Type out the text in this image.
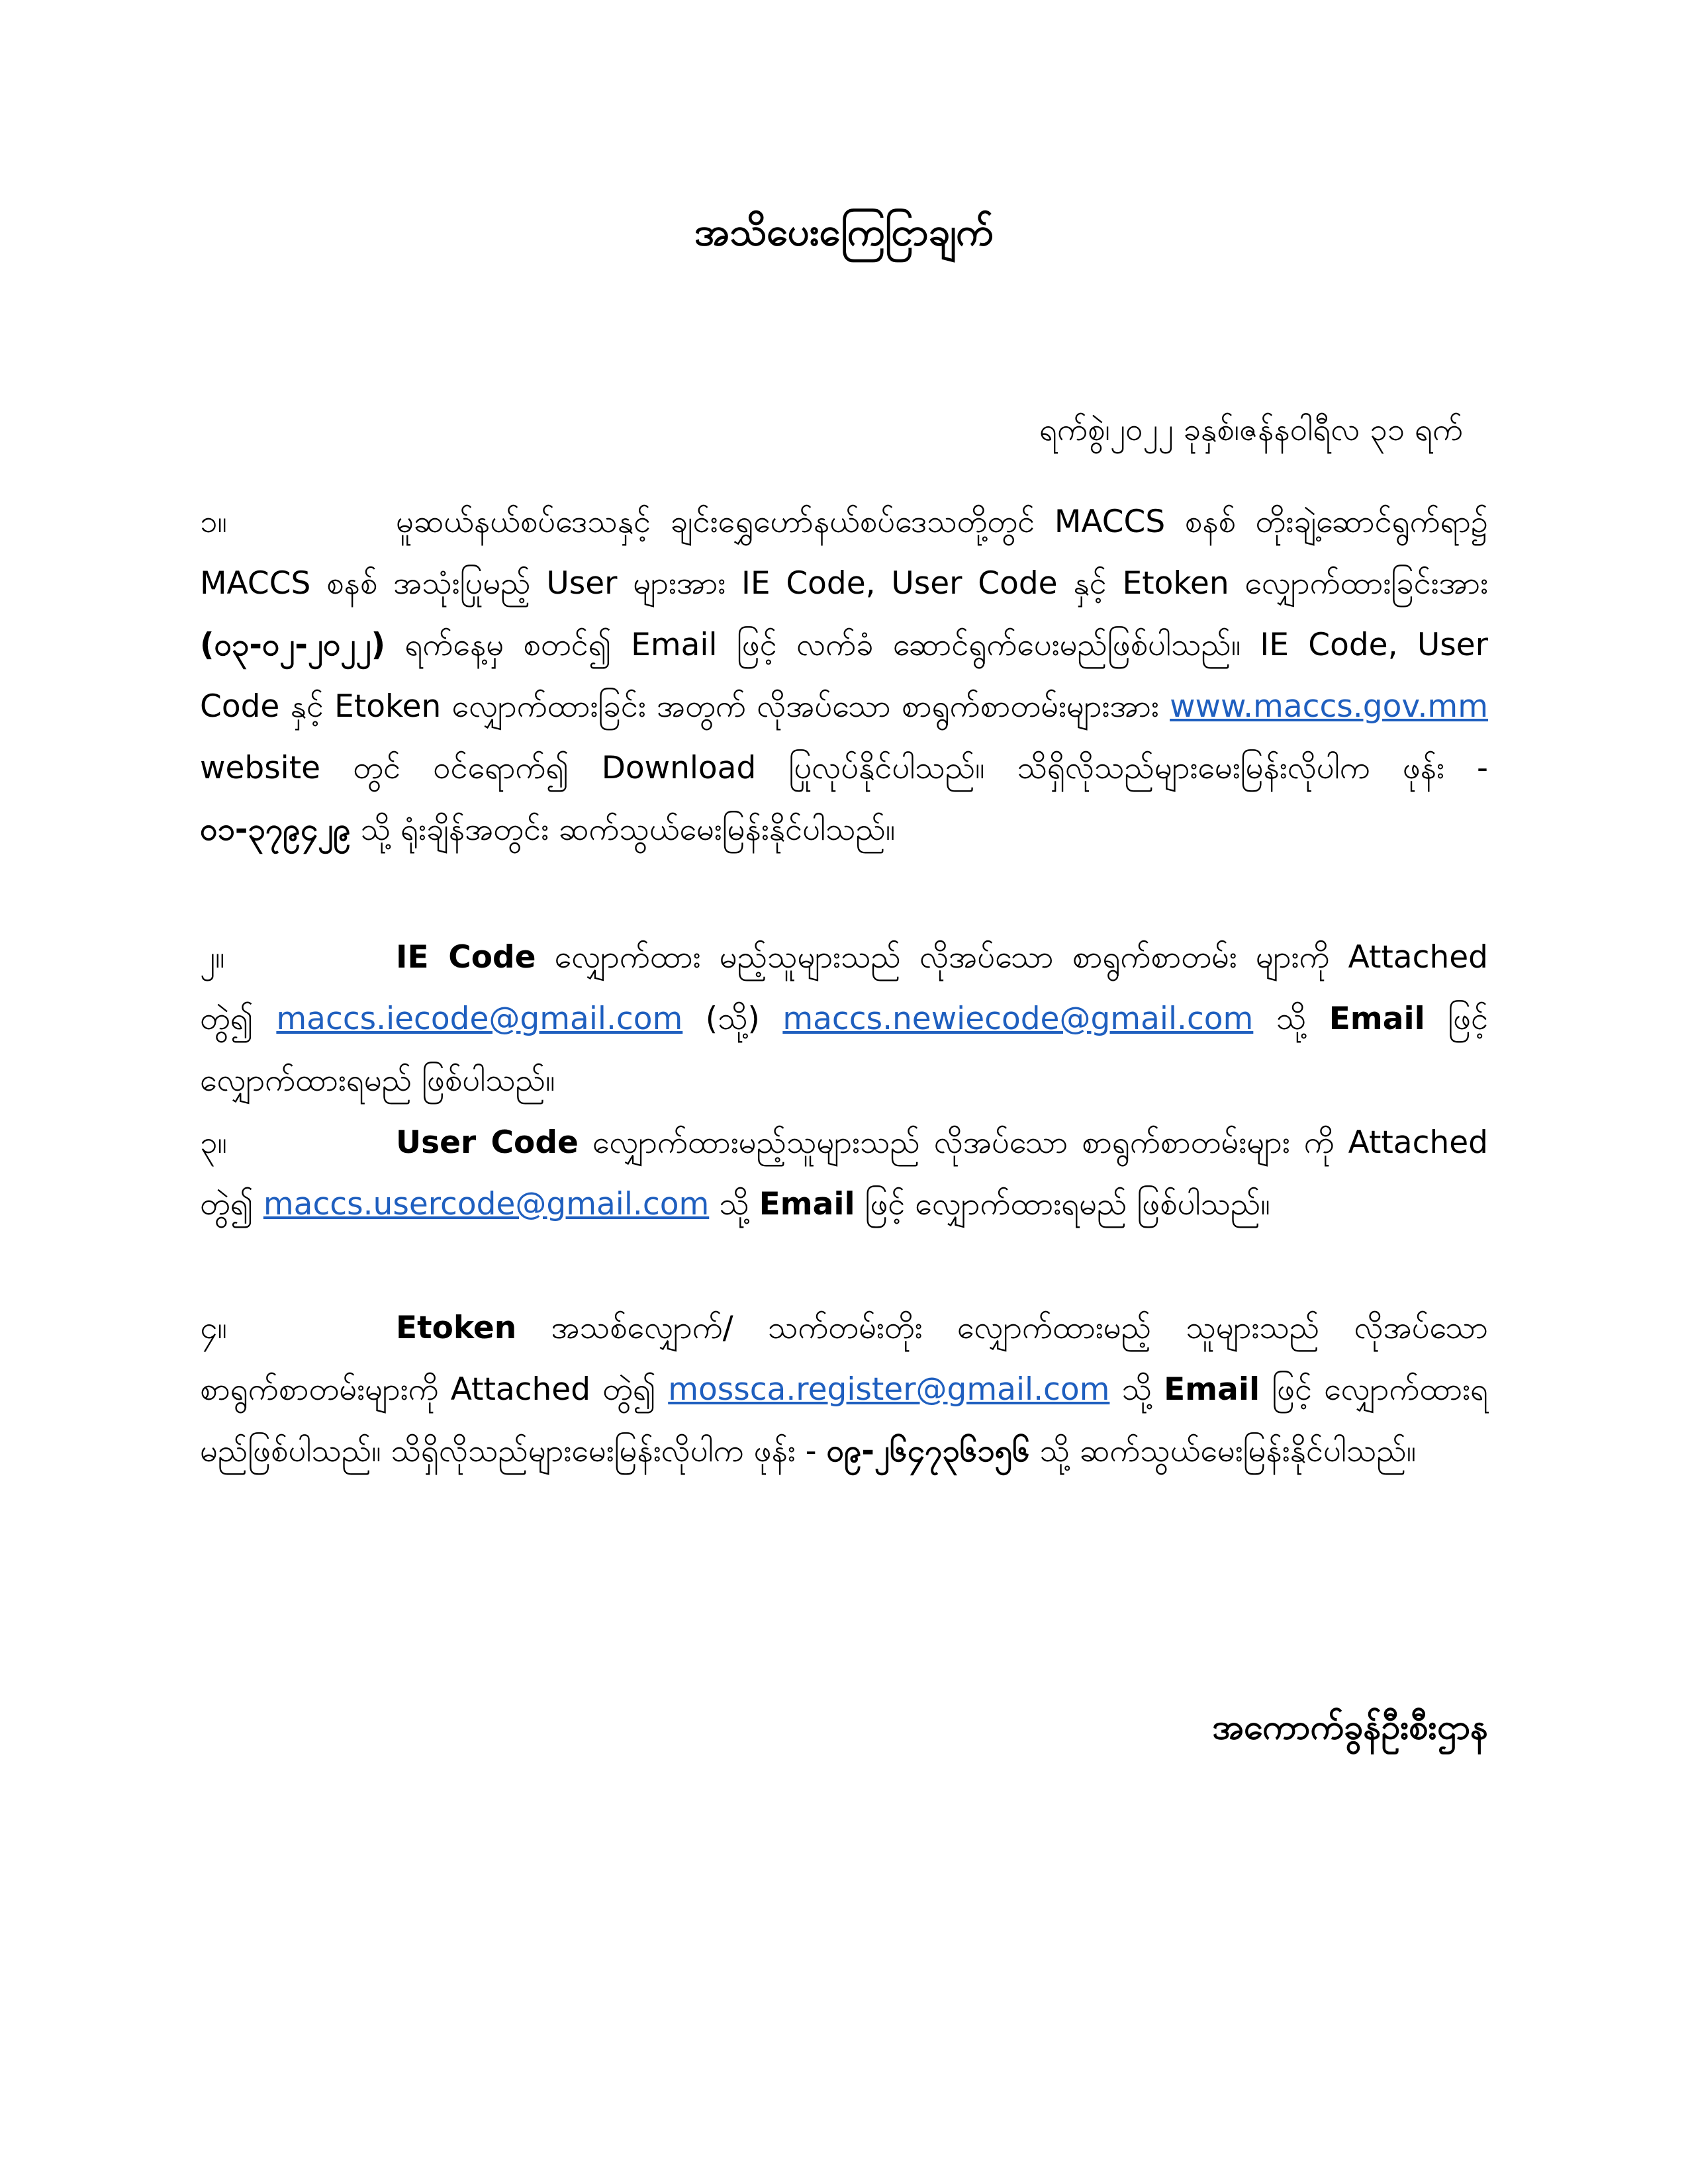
အသိပေးကြေငြာချက်
ရက်စွဲ၊၂၀၂၂ ခုနှစ်၊ဇန်နဝါရီလ ၃၁ ရက်
၁။	မူဆယ်နယ်စပ်ဒေသနှင့် ချင်းရွှေဟော်နယ်စပ်ဒေသတို့တွင် MACCS စနစ် တိုးချဲ့ဆောင်ရွက်ရာ၌ MACCS စနစ် အသုံးပြုမည့် User များအား IE Code, User Code နှင့် Etoken လျှောက်ထားခြင်းအား (၀၃-၀၂-၂၀၂၂) ရက်နေ့မှ စတင်၍ Email ဖြင့် လက်ခံ ဆောင်ရွက်ပေးမည်ဖြစ်ပါသည်။ IE Code, User Code နှင့် Etoken လျှောက်ထားခြင်း အတွက် လိုအပ်သော စာရွက်စာတမ်းများအား www.maccs.gov.mm website တွင် ဝင်ရောက်၍ Download ပြုလုပ်နိုင်ပါသည်။ သိရှိလိုသည်များမေးမြန်းလိုပါက ဖုန်း - ၀၁-၃၇၉၄၂၉ သို့ ရုံးချိန်အတွင်း ဆက်သွယ်မေးမြန်းနိုင်ပါသည်။
၂။	IE Code လျှောက်ထား မည့်သူများသည် လိုအပ်သော စာရွက်စာတမ်း များကို Attached တွဲ၍ maccs.iecode@gmail.com (သို့) maccs.newiecode@gmail.com သို့ Email ဖြင့် လျှောက်ထားရမည် ဖြစ်ပါသည်။
၃။	User Code လျှောက်ထားမည့်သူများသည် လိုအပ်သော စာရွက်စာတမ်းများ ကို Attached တွဲ၍ maccs.usercode@gmail.com သို့ Email ဖြင့် လျှောက်ထားရမည် ဖြစ်ပါသည်။
၄။	Etoken အသစ်လျှောက်/ သက်တမ်းတိုး လျှောက်ထားမည့် သူများသည် လိုအပ်သော စာရွက်စာတမ်းများကို Attached တွဲ၍ mossca.register@gmail.com သို့ Email ဖြင့် လျှောက်ထားရမည်ဖြစ်ပါသည်။ သိရှိလိုသည်များမေးမြန်းလိုပါက ဖုန်း - ၀၉-၂၆၄၇၃၆၁၅၆ သို့ ဆက်သွယ်မေးမြန်းနိုင်ပါသည်။
အကောက်ခွန်ဦးစီးဌာန
